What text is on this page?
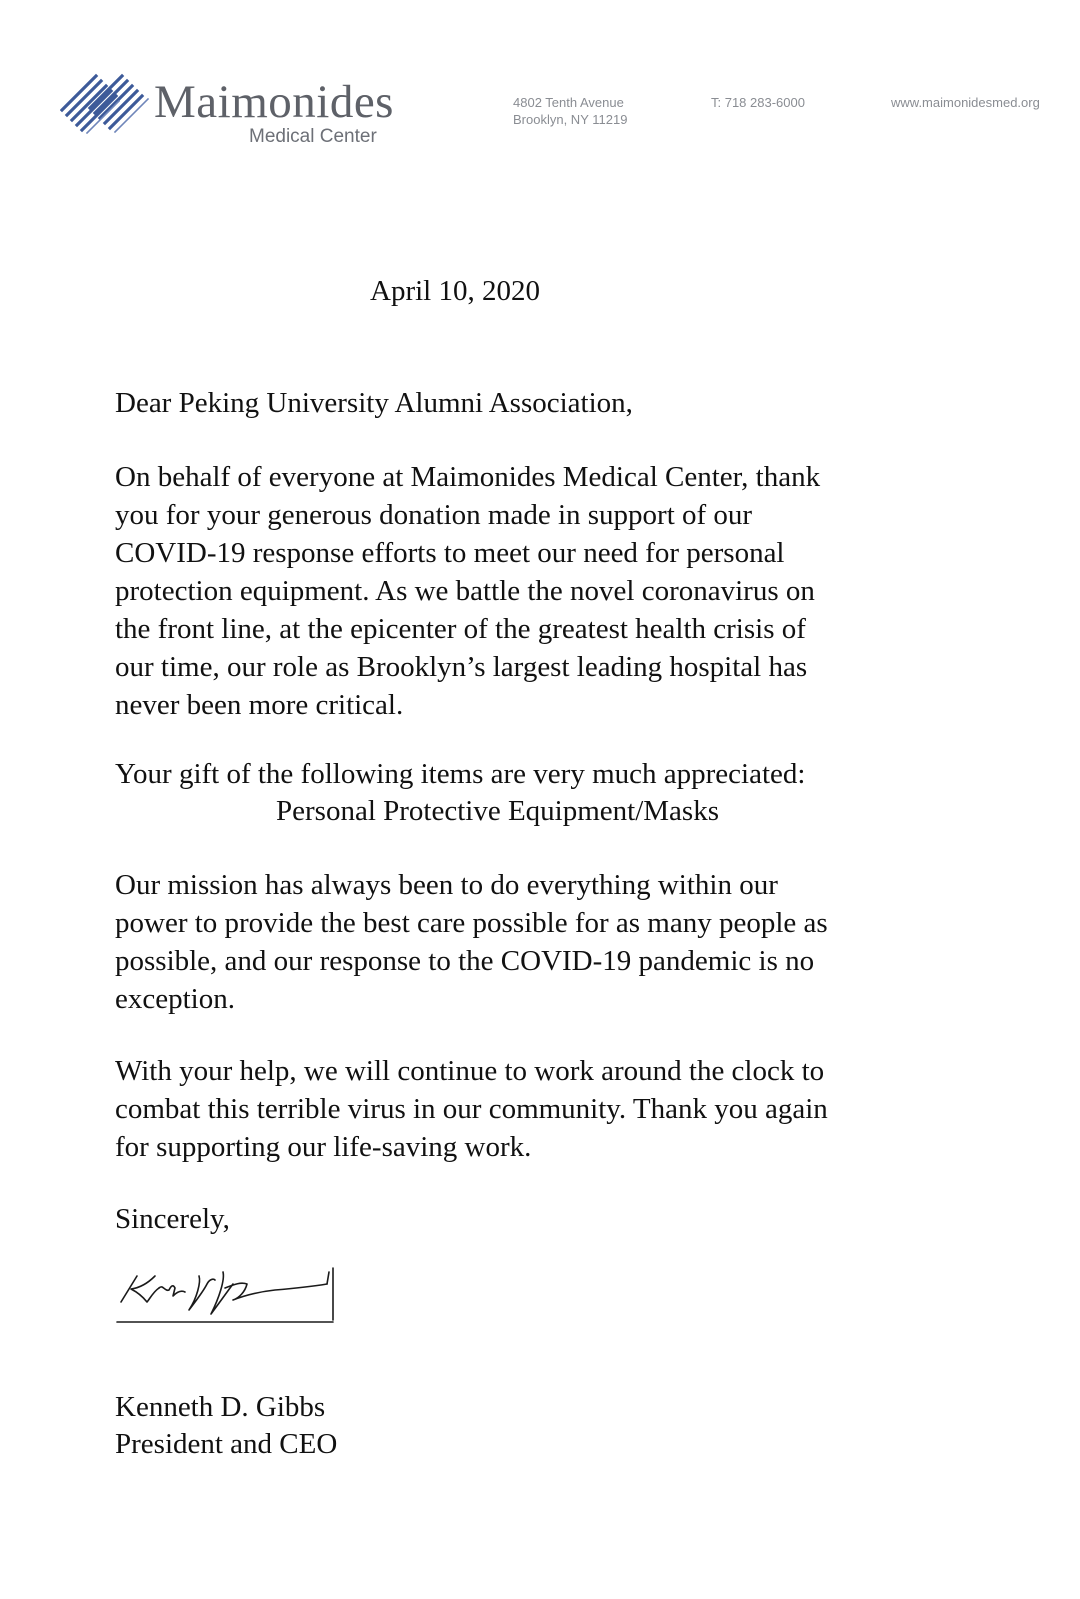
Maimonides
Medical Center
4802 Tenth Avenue
Brooklyn, NY 11219
T: 718 283-6000	www.maimonidesmed.org
April 10, 2020
Dear Peking University Alumni Association,
On behalf of everyone at Maimonides Medical Center, thank
you for your generous donation made in support of our
COVID-19 response efforts to meet our need for personal
protection equipment. As we battle the novel coronavirus on
the front line, at the epicenter of the greatest health crisis of
our time, our role as Brooklyn’s largest leading hospital has
never been more critical.
Your gift of the following items are very much appreciated:
Personal Protective Equipment/Masks
Our mission has always been to do everything within our
power to provide the best care possible for as many people as
possible, and our response to the COVID-19 pandemic is no
exception.
With your help, we will continue to work around the clock to
combat this terrible virus in our community. Thank you again
for supporting our life-saving work.
Sincerely,
Kenneth D. Gibbs
President and CEO
